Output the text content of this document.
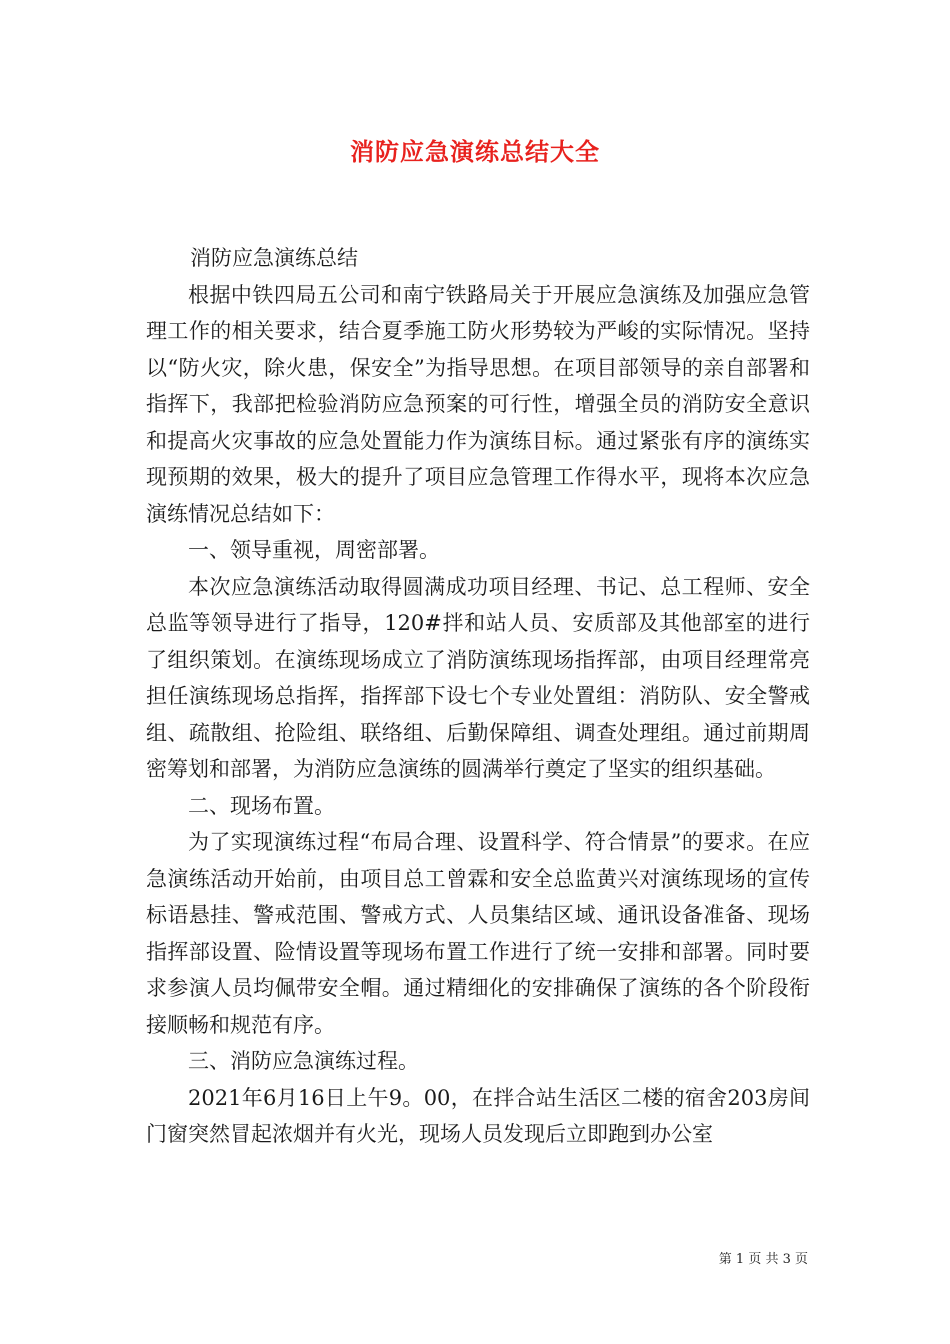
消防应急演练总结大全

消防应急演练总结

根据中铁四局五公司和南宁铁路局关于开展应急演练及加强应急管理工作的相关要求，结合夏季施工防火形势较为严峻的实际情况。坚持以“防火灾，除火患，保安全”为指导思想。在项目部领导的亲自部署和指挥下，我部把检验消防应急预案的可行性，增强全员的消防安全意识和提高火灾事故的应急处置能力作为演练目标。通过紧张有序的演练实现预期的效果，极大的提升了项目应急管理工作得水平，现将本次应急演练情况总结如下：

一、领导重视，周密部署。

本次应急演练活动取得圆满成功项目经理、书记、总工程师、安全总监等领导进行了指导，120#拌和站人员、安质部及其他部室的进行了组织策划。在演练现场成立了消防演练现场指挥部，由项目经理常亮担任演练现场总指挥，指挥部下设七个专业处置组：消防队、安全警戒组、疏散组、抢险组、联络组、后勤保障组、调查处理组。通过前期周密筹划和部署，为消防应急演练的圆满举行奠定了坚实的组织基础。

二、现场布置。

为了实现演练过程“布局合理、设置科学、符合情景”的要求。在应急演练活动开始前，由项目总工曾霖和安全总监黄兴对演练现场的宣传标语悬挂、警戒范围、警戒方式、人员集结区域、通讯设备准备、现场指挥部设置、险情设置等现场布置工作进行了统一安排和部署。同时要求参演人员均佩带安全帽。通过精细化的安排确保了演练的各个阶段衔接顺畅和规范有序。

三、消防应急演练过程。

2021年6月16日上午9。00，在拌合站生活区二楼的宿舍203房间门窗突然冒起浓烟并有火光，现场人员发现后立即跑到办公室

第 1 页 共 3 页
